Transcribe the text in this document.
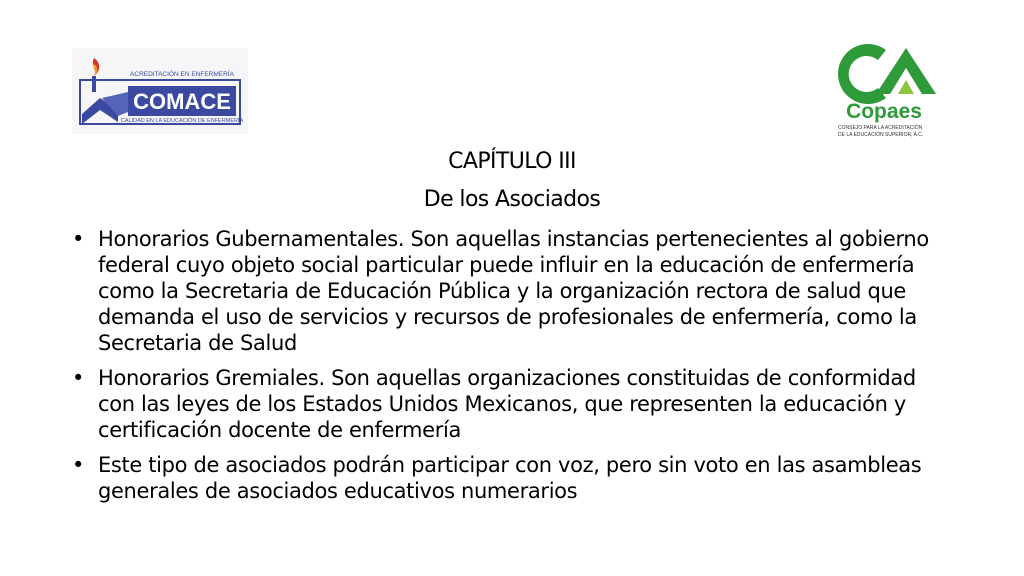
COMACE
ACREDITACIÓN EN ENFERMERÍA
CALIDAD EN LA EDUCACIÓN DE ENFERMERÍA	Copaes
CONSEJO PARA LA ACREDITACIÓN
DE LA EDUCACIÓN SUPERIOR, A.C.
CAPÍTULO III
De los Asociados
• Honorarios Gubernamentales. Son aquellas instancias pertenecientes al gobierno federal cuyo objeto social particular puede influir en la educación de enfermería como la Secretaria de Educación Pública y la organización rectora de salud que demanda el uso de servicios y recursos de profesionales de enfermería, como la Secretaria de Salud
• Honorarios Gremiales. Son aquellas organizaciones constituidas de conformidad con las leyes de los Estados Unidos Mexicanos, que representen la educación y certificación docente de enfermería
• Este tipo de asociados podrán participar con voz, pero sin voto en las asambleas generales de asociados educativos numerarios
